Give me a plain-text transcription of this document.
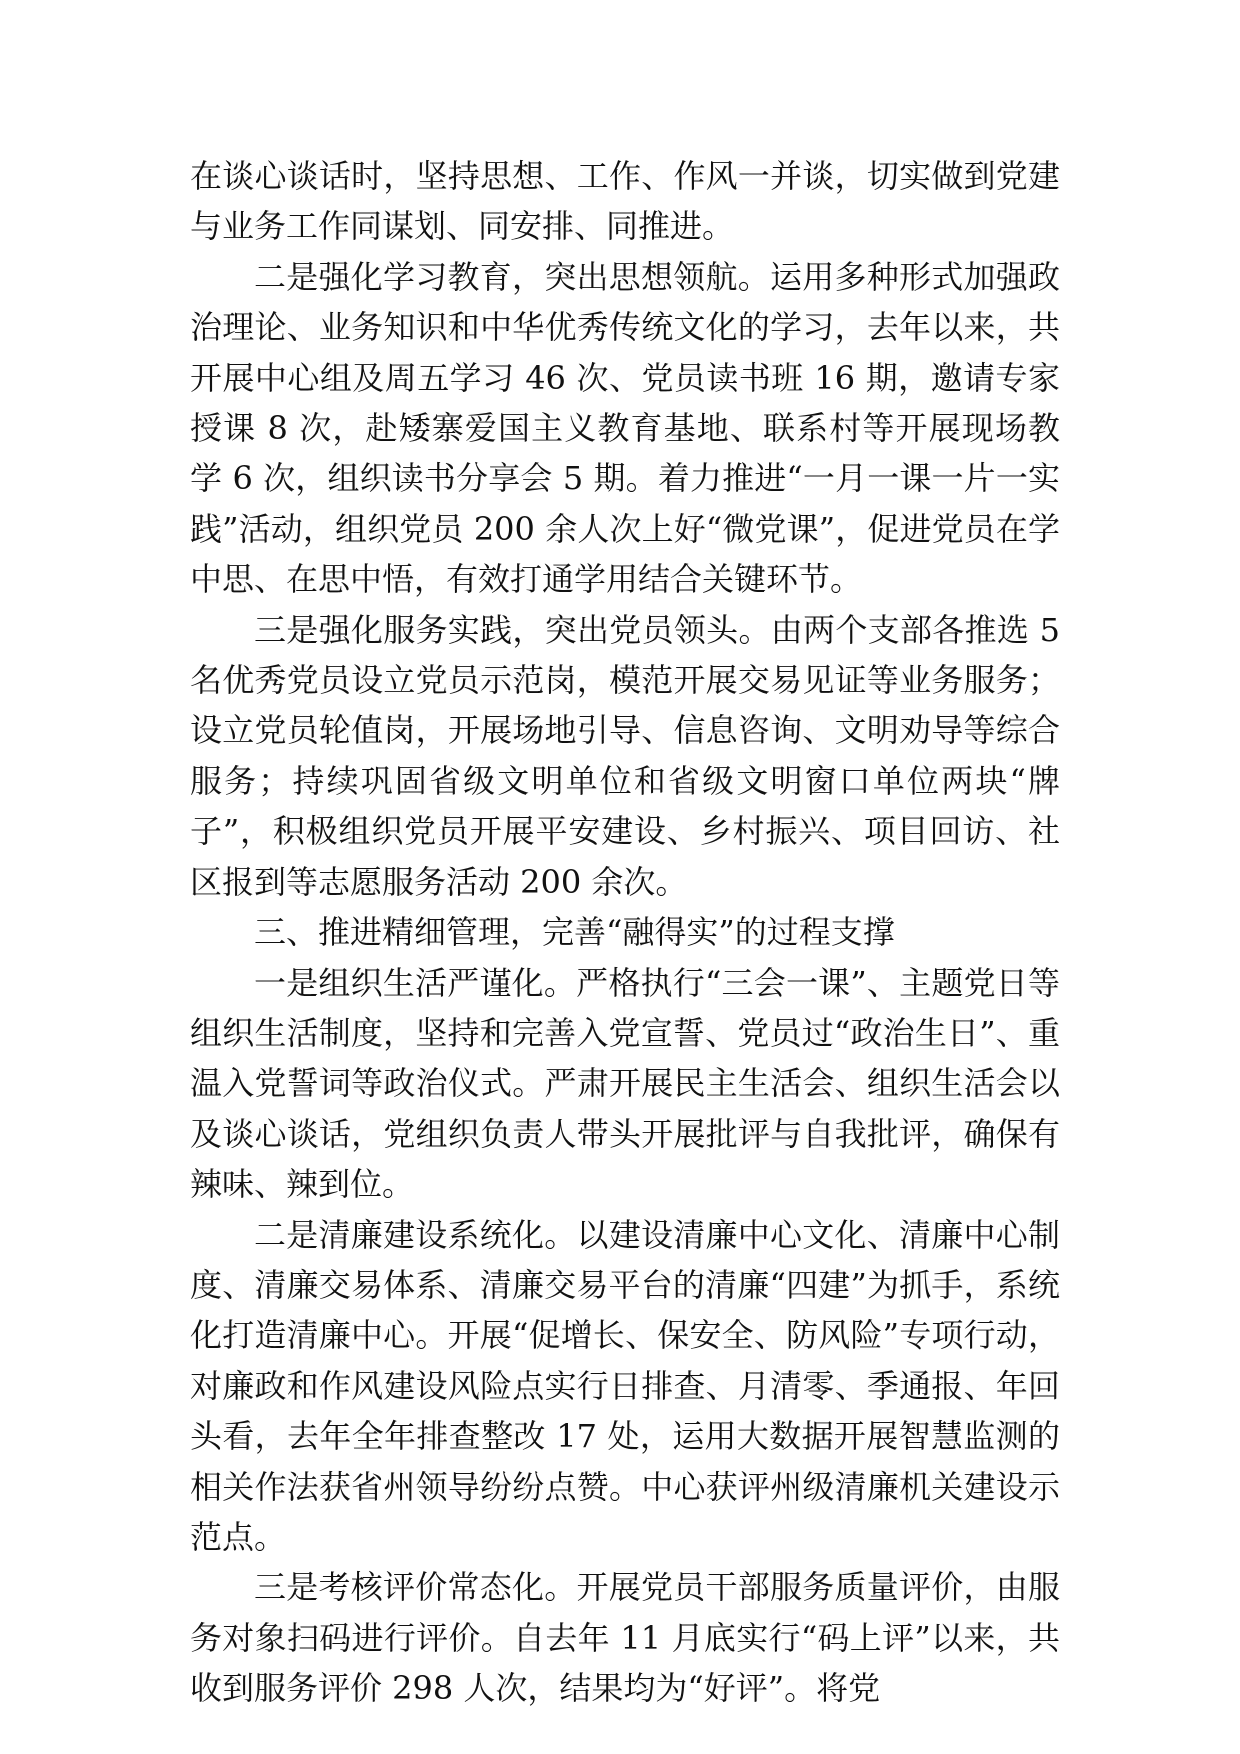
在谈心谈话时，坚持思想、工作、作风一并谈，切实做到党建与业务工作同谋划、同安排、同推进。

二是强化学习教育，突出思想领航。运用多种形式加强政治理论、业务知识和中华优秀传统文化的学习，去年以来，共开展中心组及周五学习 46 次、党员读书班 16 期，邀请专家授课 8 次，赴矮寨爱国主义教育基地、联系村等开展现场教学 6 次，组织读书分享会 5 期。着力推进“一月一课一片一实践”活动，组织党员 200 余人次上好“微党课”，促进党员在学中思、在思中悟，有效打通学用结合关键环节。

三是强化服务实践，突出党员领头。由两个支部各推选 5 名优秀党员设立党员示范岗，模范开展交易见证等业务服务；设立党员轮值岗，开展场地引导、信息咨询、文明劝导等综合服务；持续巩固省级文明单位和省级文明窗口单位两块“牌子”，积极组织党员开展平安建设、乡村振兴、项目回访、社区报到等志愿服务活动 200 余次。

三、推进精细管理，完善“融得实”的过程支撑

一是组织生活严谨化。严格执行“三会一课”、主题党日等组织生活制度，坚持和完善入党宣誓、党员过“政治生日”、重温入党誓词等政治仪式。严肃开展民主生活会、组织生活会以及谈心谈话，党组织负责人带头开展批评与自我批评，确保有辣味、辣到位。

二是清廉建设系统化。以建设清廉中心文化、清廉中心制度、清廉交易体系、清廉交易平台的清廉“四建”为抓手，系统化打造清廉中心。开展“促增长、保安全、防风险”专项行动，对廉政和作风建设风险点实行日排查、月清零、季通报、年回头看，去年全年排查整改 17 处，运用大数据开展智慧监测的相关作法获省州领导纷纷点赞。中心获评州级清廉机关建设示范点。

三是考核评价常态化。开展党员干部服务质量评价，由服务对象扫码进行评价。自去年 11 月底实行“码上评”以来，共收到服务评价 298 人次，结果均为“好评”。将党
